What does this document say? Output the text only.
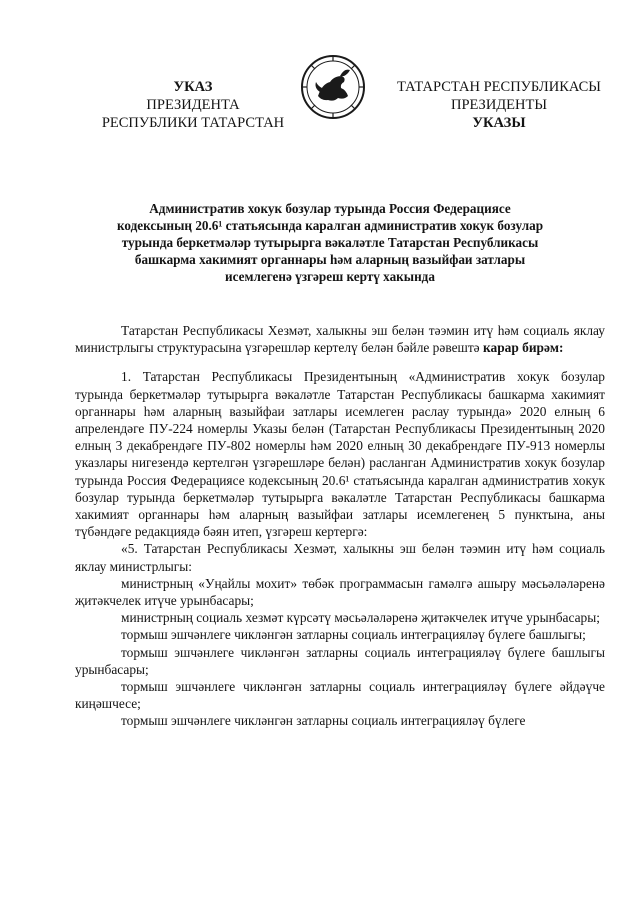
УКАЗ
ПРЕЗИДЕНТА
РЕСПУБЛИКИ ТАТАРСТАН
ТАТАРСТАН РЕСПУБЛИКАСЫ
ПРЕЗИДЕНТЫ
УКАЗЫ
Административ хокук бозулар турында Россия Федерациясе
кодексының 20.6¹ статьясында каралган административ хокук бозулар
турында беркетмәләр тутырырга вәкаләтле Татарстан Республикасы
башкарма хакимият органнары һәм аларның вазыйфаи затлары
исемлегенә үзгәреш кертү хакында

Татарстан Республикасы Хезмәт, халыкны эш белән тәэмин итү һәм социаль яклау министрлыгы структурасына үзгәрешләр кертелү белән бәйле рәвештә карар бирәм:

1. Татарстан Республикасы Президентының «Административ хокук бозулар турында беркетмәләр тутырырга вәкаләтле Татарстан Республикасы башкарма хакимият органнары һәм аларның вазыйфаи затлары исемлеген раслау турында» 2020 елның 6 апрелендәге ПУ-224 номерлы Указы белән (Татарстан Республикасы Президентының 2020 елның 3 декабрендәге ПУ-802 номерлы һәм 2020 елның 30 декабрендәге ПУ-913 номерлы указлары нигезендә кертелгән үзгәрешләре белән) расланган Административ хокук бозулар турында Россия Федерациясе кодексының 20.6¹ статьясында каралган административ хокук бозулар турында беркетмәләр тутырырга вәкаләтле Татарстан Республикасы башкарма хакимият органнары һәм аларның вазыйфаи затлары исемлегенең 5 пунктына, аны түбәндәге редакциядә бәян итеп, үзгәреш кертергә:

«5. Татарстан Республикасы Хезмәт, халыкны эш белән тәэмин итү һәм социаль яклау министрлыгы:

министрның «Уңайлы мохит» төбәк программасын гамәлгә ашыру мәсьәләләренә җитәкчелек итүче урынбасары;

министрның социаль хезмәт күрсәтү мәсьәләләренә җитәкчелек итүче урынбасары;

тормыш эшчәнлеге чикләнгән затларны социаль интеграцияләү бүлеге башлыгы;

тормыш эшчәнлеге чикләнгән затларны социаль интеграцияләү бүлеге башлыгы урынбасары;

тормыш эшчәнлеге чикләнгән затларны социаль интеграцияләү бүлеге әйдәүче киңәшчесе;

тормыш эшчәнлеге чикләнгән затларны социаль интеграцияләү бүлеге
